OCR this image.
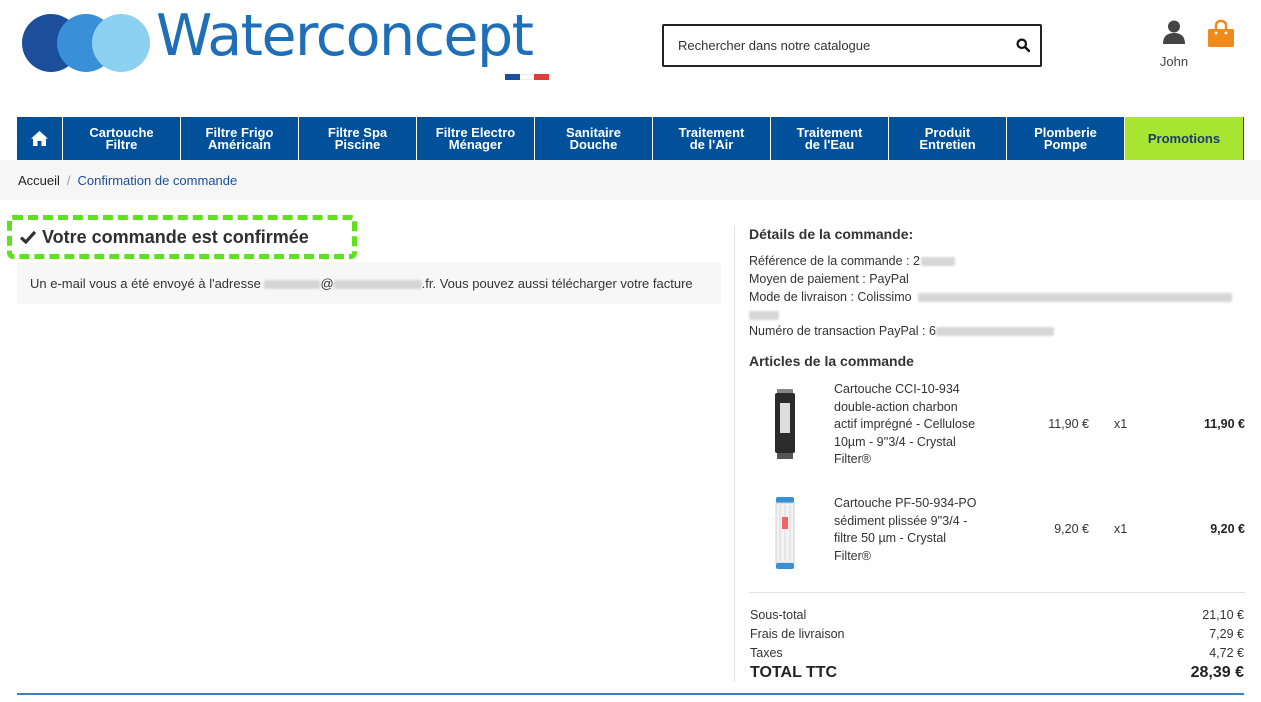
Waterconcept
Rechercher dans notre catalogue	John
Cartouche
Filtre
Filtre Frigo
Américain
Filtre Spa
Piscine
Filtre Electro
Ménager
Sanitaire
Douche
Traitement
de l'Air
Traitement
de l'Eau
Produit
Entretien
Plomberie
Pompe	Promotions
Accueil / Confirmation de commande
Votre commande est confirmée
Un e-mail vous a été envoyé à l'adresse	@	.fr. Vous pouvez aussi télécharger votre facture
Détails de la commande:
Référence de la commande : 2
Moyen de paiement : PayPal
Mode de livraison : Colissimo
Numéro de transaction PayPal : 6
Articles de la commande
Cartouche CCI-10-934
double-action charbon
actif imprégné - Cellulose
10µm - 9''3/4 - Crystal
Filter®
11,90 € x1	11,90 €
Cartouche PF-50-934-PO
sédiment plissée 9''3/4 -
filtre 50 µm - Crystal
Filter®
9,20 € x1	9,20 €
Sous-total	21,10 €
Frais de livraison	7,29 €
Taxes	4,72 €
TOTAL TTC	28,39 €
